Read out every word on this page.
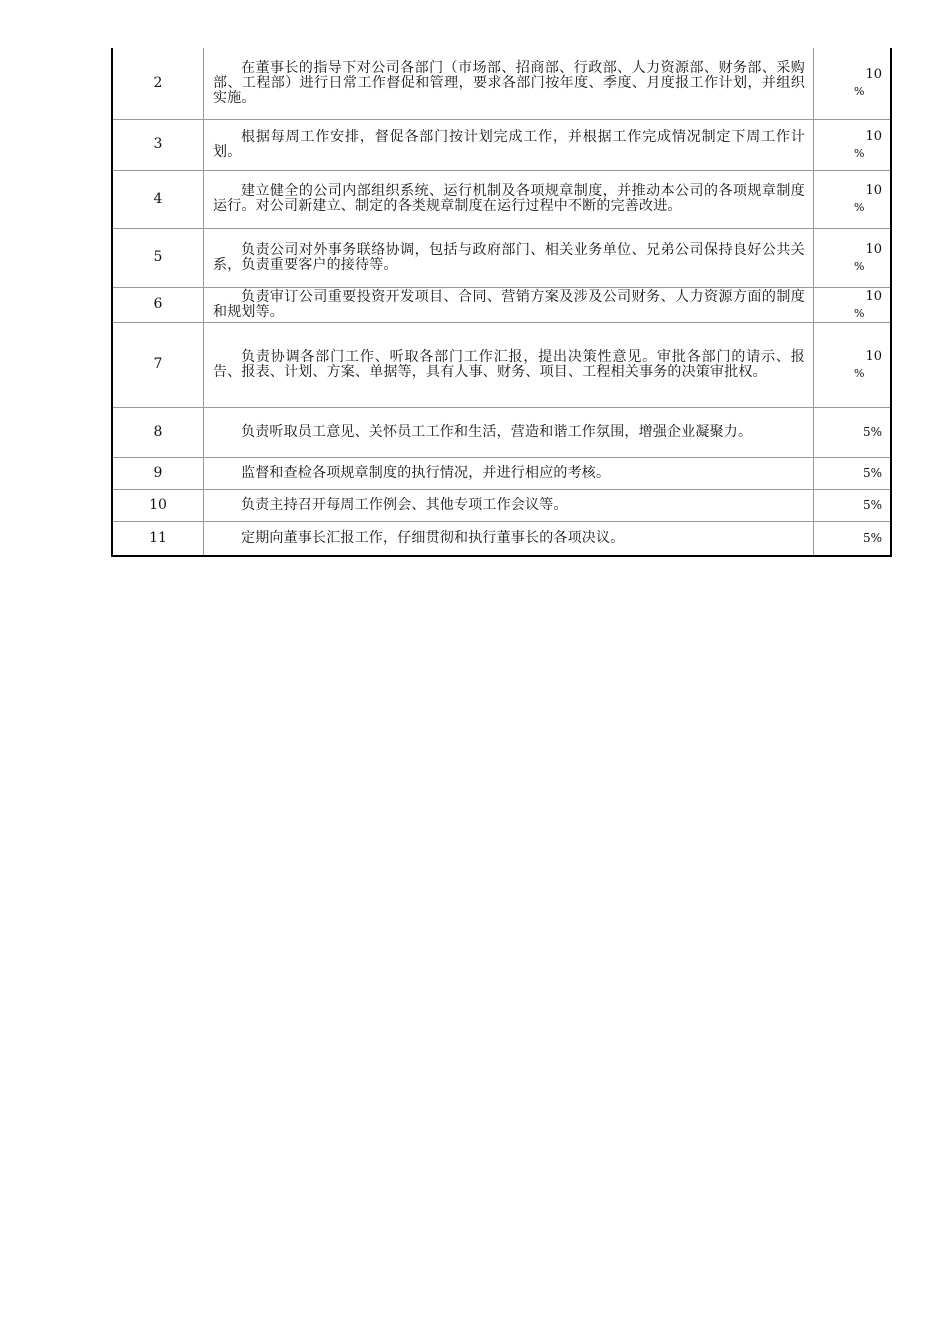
2	在董事长的指导下对公司各部门（市场部、招商部、行政部、人力资源部、财务部、采购部、工程部）进行日常工作督促和管理，要求各部门按年度、季度、月度报工作计划，并组织实施。	10
%

3	根据每周工作安排，督促各部门按计划完成工作，并根据工作完成情况制定下周工作计划。	10
%

4	建立健全的公司内部组织系统、运行机制及各项规章制度，并推动本公司的各项规章制度运行。对公司新建立、制定的各类规章制度在运行过程中不断的完善改进。	10
%

5	负责公司对外事务联络协调，包括与政府部门、相关业务单位、兄弟公司保持良好公共关系，负责重要客户的接待等。	10
%

6	负责审订公司重要投资开发项目、合同、营销方案及涉及公司财务、人力资源方面的制度和规划等。	10
%

7	负责协调各部门工作、听取各部门工作汇报，提出决策性意见。审批各部门的请示、报告、报表、计划、方案、单据等，具有人事、财务、项目、工程相关事务的决策审批权。	10
%

8	负责听取员工意见、关怀员工工作和生活，营造和谐工作氛围，增强企业凝聚力。	5%
9	监督和查检各项规章制度的执行情况，并进行相应的考核。	5%
10	负责主持召开每周工作例会、其他专项工作会议等。	5%
11	定期向董事长汇报工作，仔细贯彻和执行董事长的各项决议。	5%
